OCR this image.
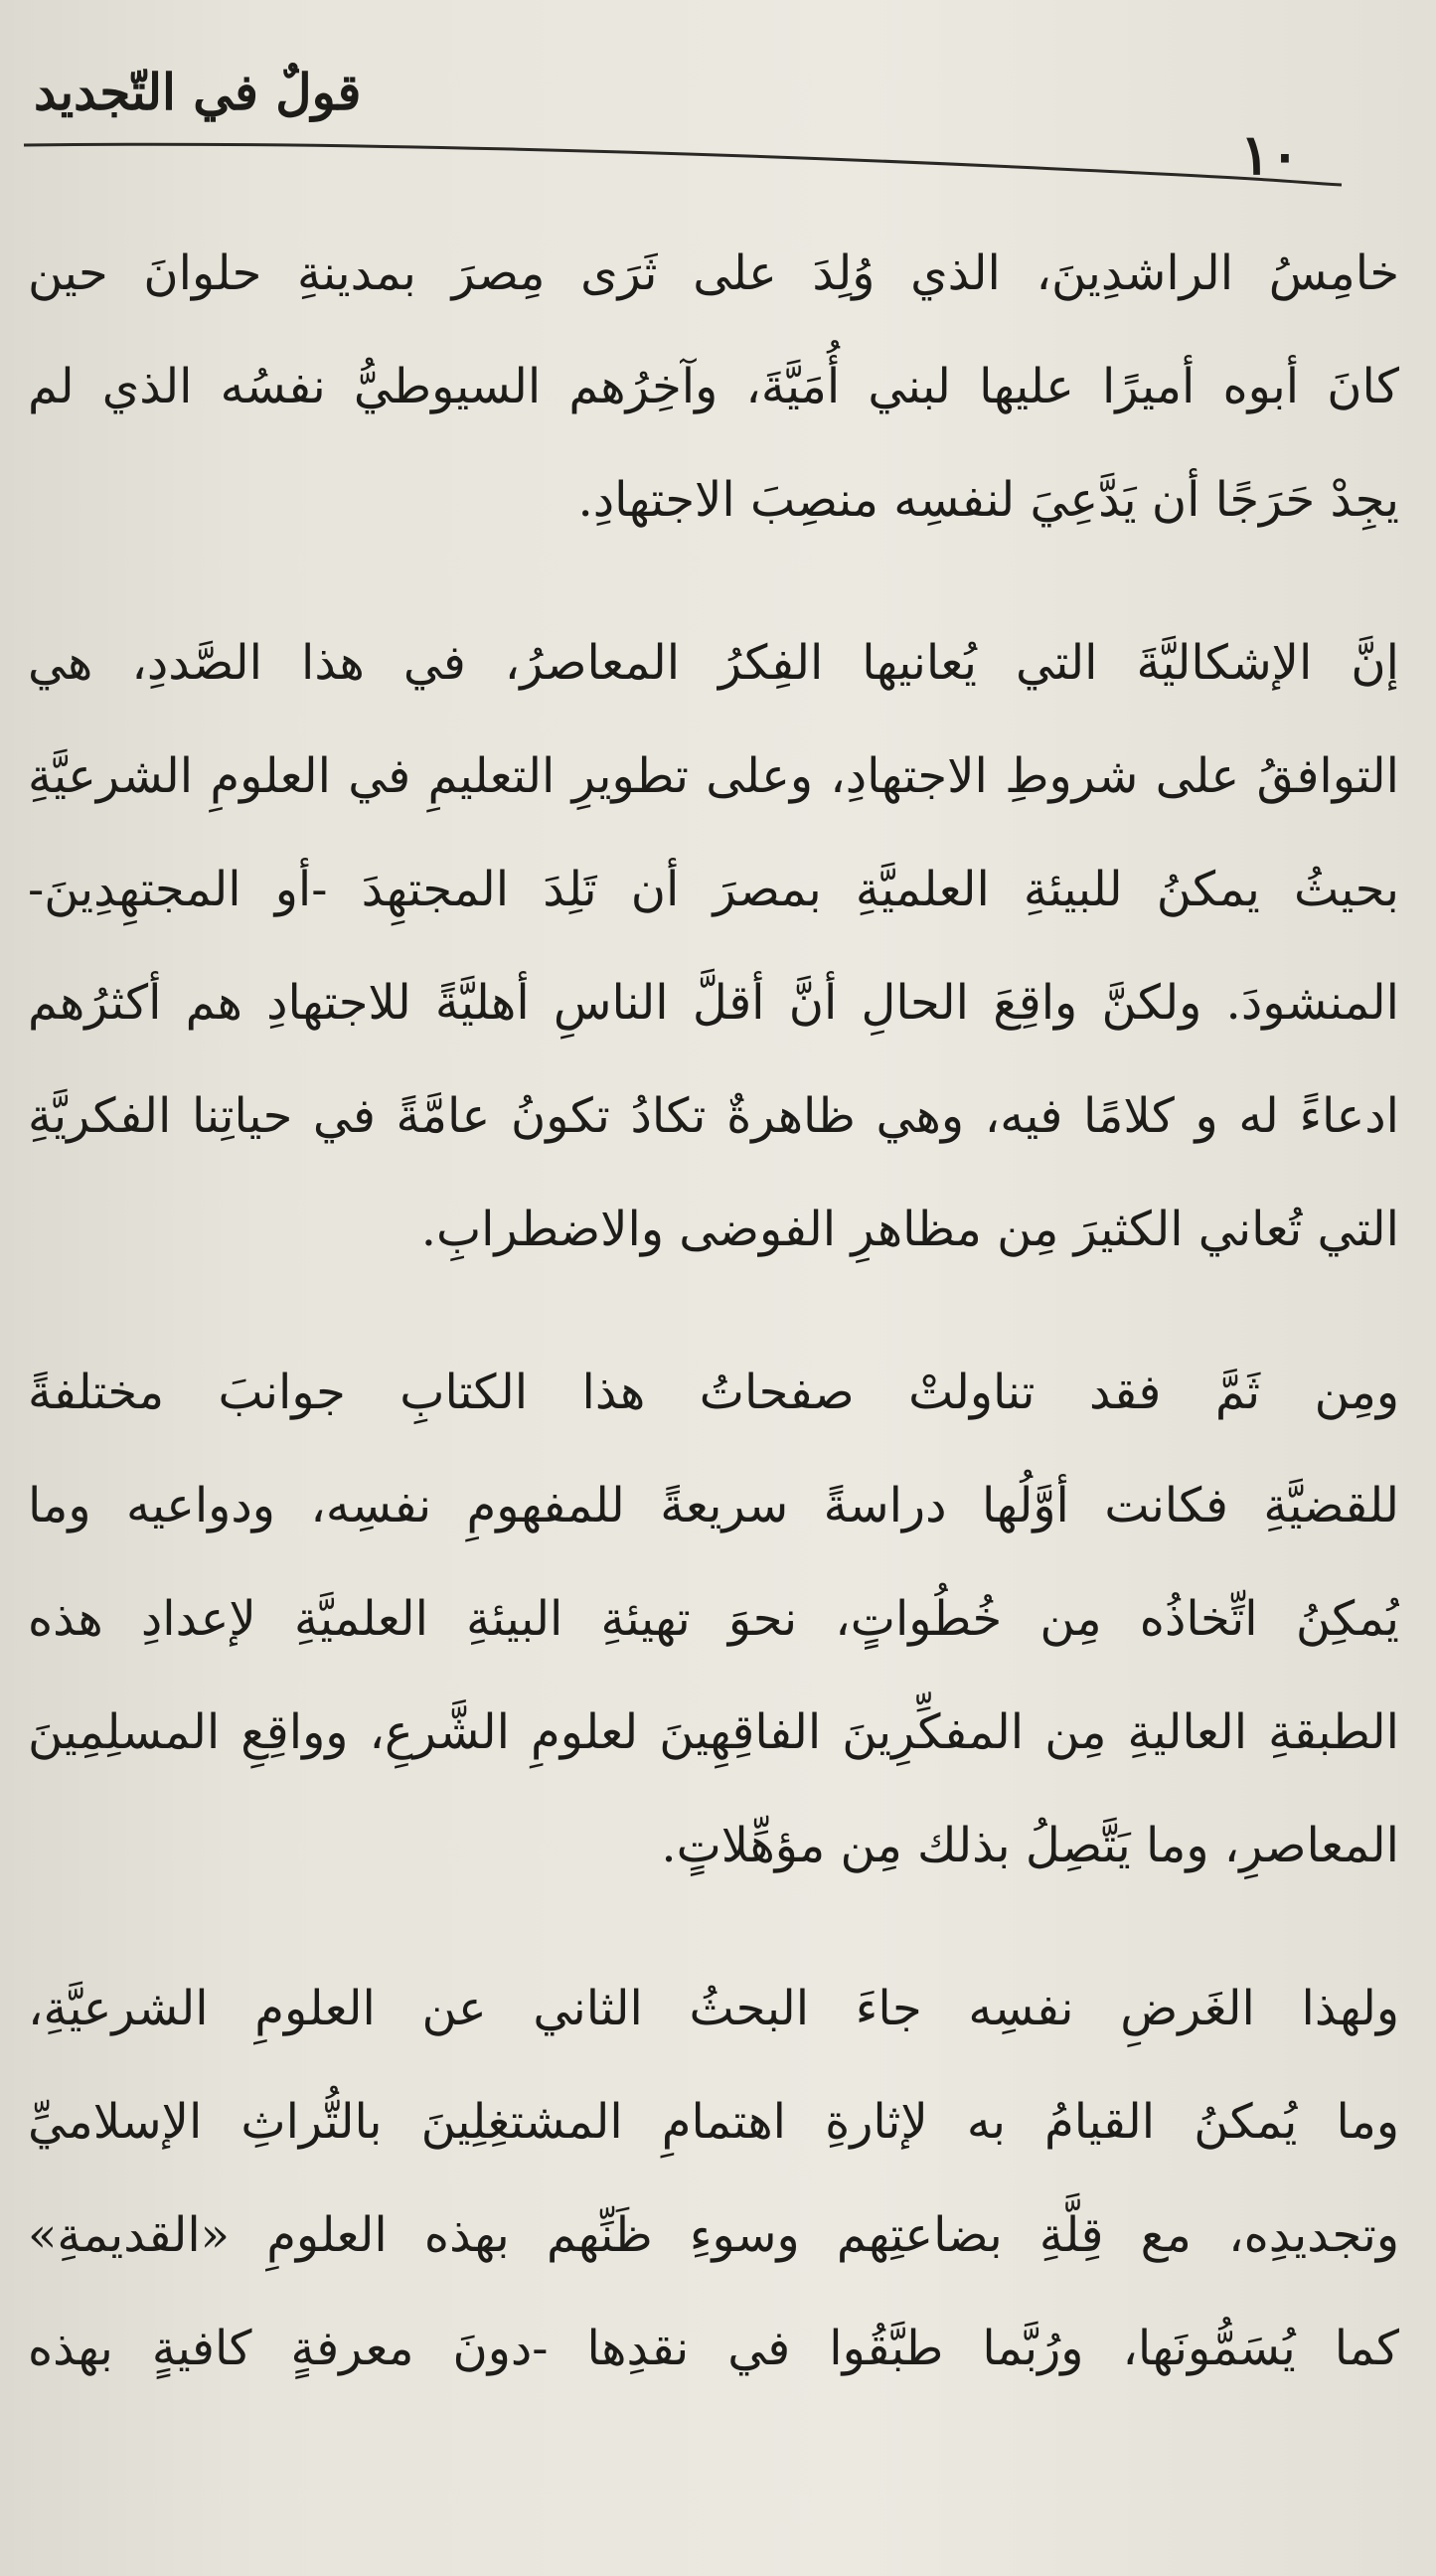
قولٌ في التّجديد
١٠
خامِسُ الراشدِينَ، الذي وُلِدَ على ثَرَى مِصرَ بمدينةِ حلوانَ حين
كانَ أبوه أميرًا عليها لبني أُمَيَّةَ، وآخِرُهم السيوطيُّ نفسُه الذي لم
يجِدْ حَرَجًا أن يَدَّعِيَ لنفسِه منصِبَ الاجتهادِ.
إنَّ الإشكاليَّةَ التي يُعانيها الفِكرُ المعاصرُ، في هذا الصَّددِ، هي
التوافقُ على شروطِ الاجتهادِ، وعلى تطويرِ التعليمِ في العلومِ الشرعيَّةِ
بحيثُ يمكنُ للبيئةِ العلميَّةِ بمصرَ أن تَلِدَ المجتهِدَ -أو المجتهِدِينَ-
المنشودَ. ولكنَّ واقِعَ الحالِ أنَّ أقلَّ الناسِ أهليَّةً للاجتهادِ هم أكثرُهم
ادعاءً له و كلامًا فيه، وهي ظاهرةٌ تكادُ تكونُ عامَّةً في حياتِنا الفكريَّةِ
التي تُعاني الكثيرَ مِن مظاهرِ الفوضى والاضطرابِ.
ومِن ثَمَّ فقد تناولتْ صفحاتُ هذا الكتابِ جوانبَ مختلفةً
للقضيَّةِ فكانت أوَّلُها دراسةً سريعةً للمفهومِ نفسِه، ودواعيه وما
يُمكِنُ اتِّخاذُه مِن خُطُواتٍ، نحوَ تهيئةِ البيئةِ العلميَّةِ لإعدادِ هذه
الطبقةِ العاليةِ مِن المفكِّرِينَ الفاقِهِينَ لعلومِ الشَّرعِ، وواقِعِ المسلِمِينَ
المعاصرِ، وما يَتَّصِلُ بذلك مِن مؤهِّلاتٍ.
ولهذا الغَرضِ نفسِه جاءَ البحثُ الثاني عن العلومِ الشرعيَّةِ،
وما يُمكنُ القيامُ به لإثارةِ اهتمامِ المشتغِلِينَ بالتُّراثِ الإسلاميِّ
وتجديدِه، مع قِلَّةِ بضاعتِهم وسوءِ ظَنِّهم بهذه العلومِ «القديمةِ»
كما يُسَمُّونَها، ورُبَّما طبَّقُوا في نقدِها -دونَ معرفةٍ كافيةٍ بهذه
